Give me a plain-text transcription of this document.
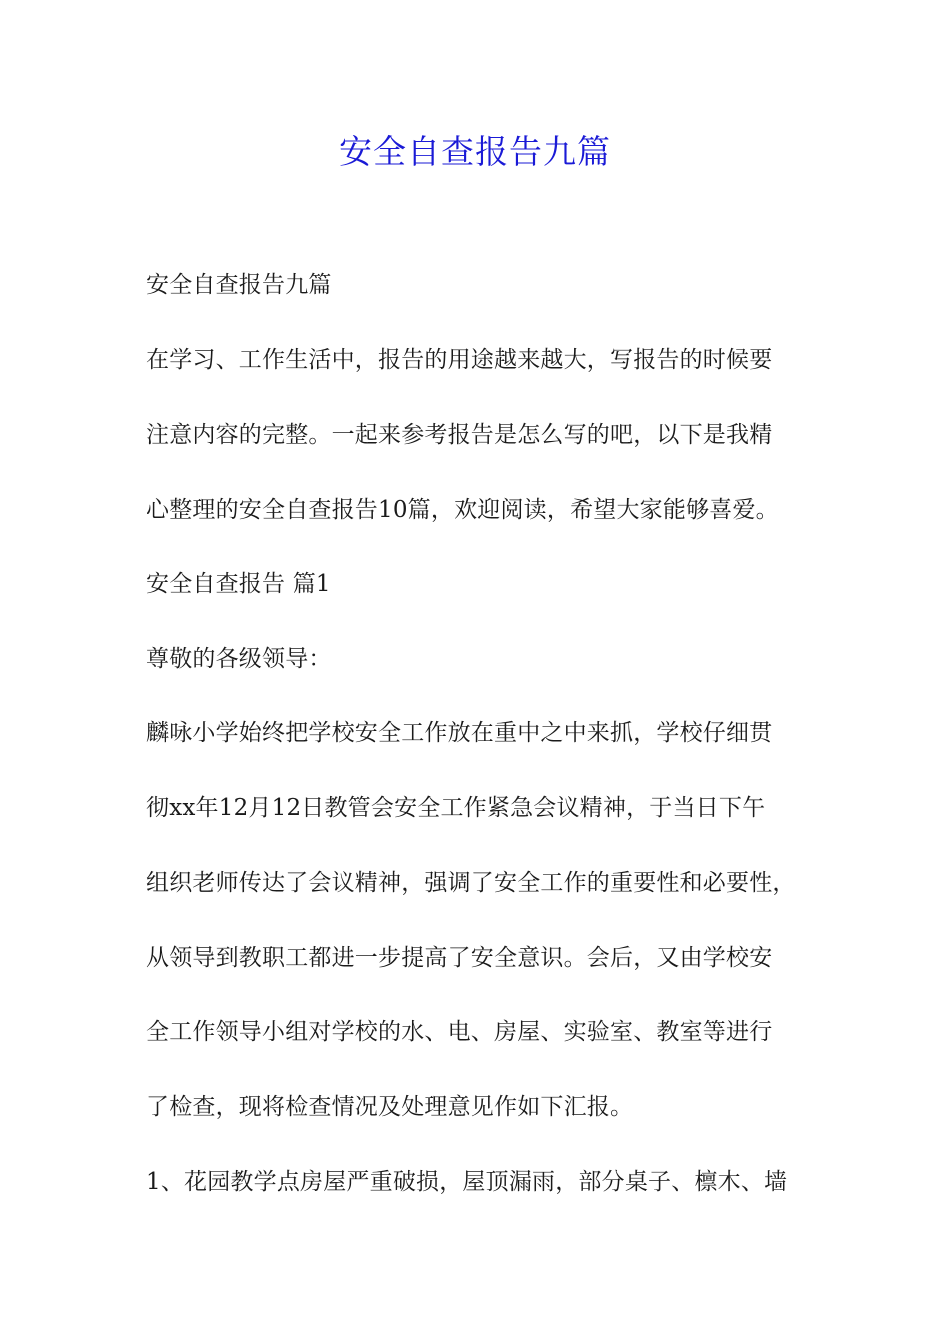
安全自查报告九篇

安全自查报告九篇

在学习、工作生活中，报告的用途越来越大，写报告的时候要

注意内容的完整。一起来参考报告是怎么写的吧，以下是我精

心整理的安全自查报告10篇，欢迎阅读，希望大家能够喜爱。

安全自查报告 篇1

尊敬的各级领导：

麟咏小学始终把学校安全工作放在重中之中来抓，学校仔细贯

彻xx年12月12日教管会安全工作紧急会议精神，于当日下午

组织老师传达了会议精神，强调了安全工作的重要性和必要性，

从领导到教职工都进一步提高了安全意识。会后，又由学校安

全工作领导小组对学校的水、电、房屋、实验室、教室等进行

了检查，现将检查情况及处理意见作如下汇报。

1、花园教学点房屋严重破损，屋顶漏雨，部分桌子、檩木、墙
